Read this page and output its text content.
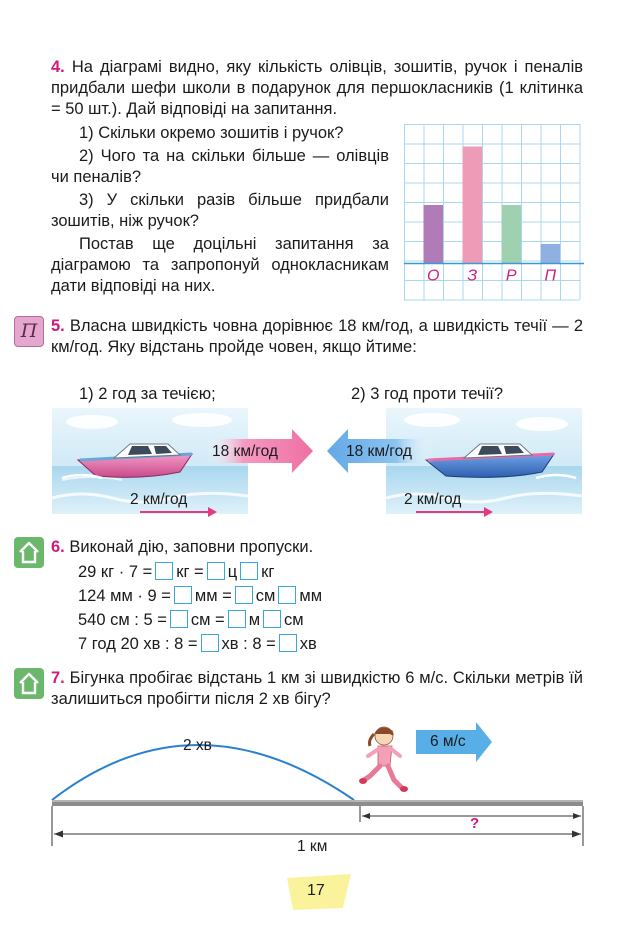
4. На діаграмі видно, яку кількість олівців, зошитів, ручок і пеналів придбали шефи школи в подарунок для першокласників (1 клітинка = 50 шт.). Дай відповіді на запитання.
1) Скільки окремо зошитів і ручок?
2) Чого та на скільки більше — олівців чи пеналів?
3) У скільки разів більше придбали зошитів, ніж ручок?
Постав ще доцільні запитання за діаграмою та запропонуй однокласникам дати відповіді на них.
О З Р П
П 5. Власна швидкість човна дорівнює 18 км/год, а швидкість течії — 2 км/год. Яку відстань пройде човен, якщо йтиме:
1) 2 год за течією;	2) 3 год проти течії?
18 км/год	18 км/год
2 км/год	2 км/год
6. Виконай дію, заповни пропуски.
29 кг · 7 = кг = ц кг
124 мм · 9 = мм = см мм
540 см : 5 = см = м см
7 год 20 хв : 8 = хв : 8 = хв
7. Бігунка пробігає відстань 1 км зі швидкістю 6 м/с. Скільки метрів їй залишиться пробігти після 2 хв бігу?
2 хв	6 м/с
?
1 км
17
